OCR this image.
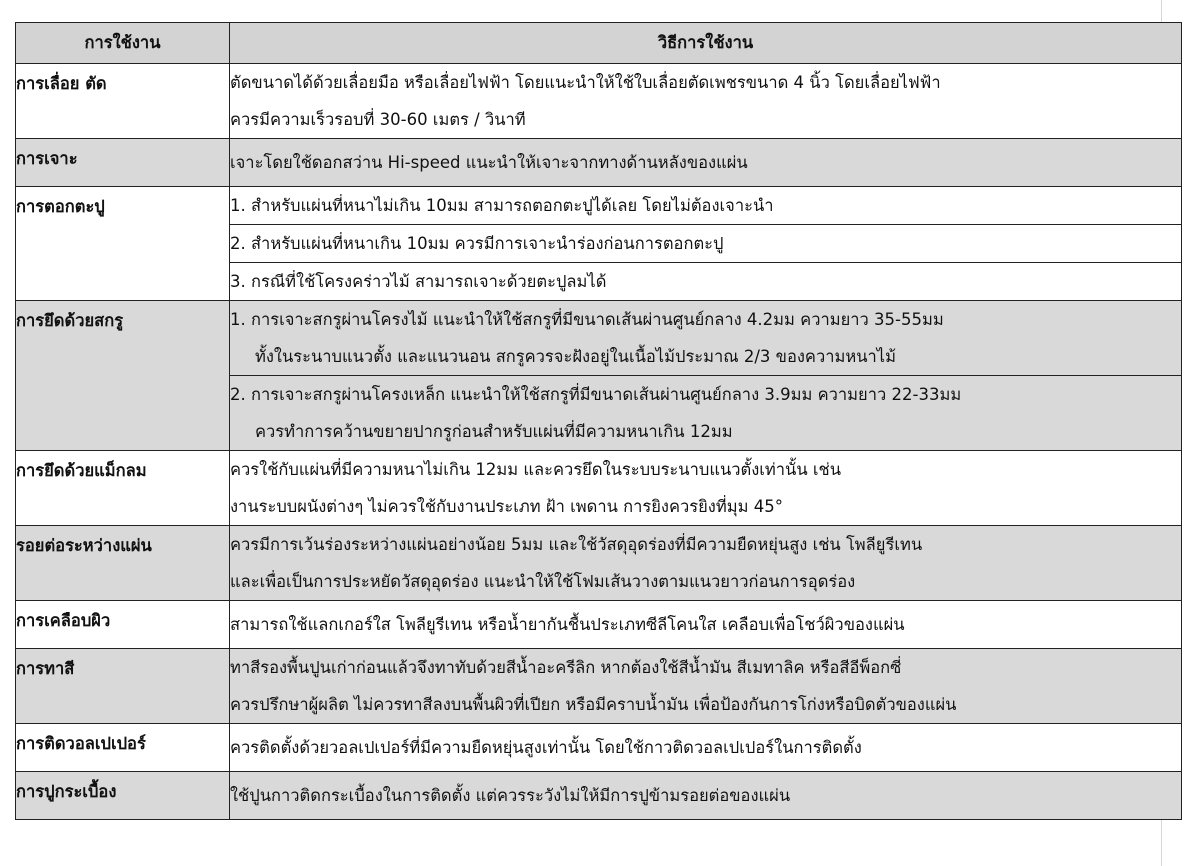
การใช้งาน	วิธีการใช้งาน
การเลื่อย ตัด	ตัดขนาดได้ด้วยเลื่อยมือ หรือเลื่อยไฟฟ้า โดยแนะนำให้ใช้ใบเลื่อยตัดเพชรขนาด 4 นิ้ว โดยเลื่อยไฟฟ้า
ควรมีความเร็วรอบที่ 30-60 เมตร / วินาที

การเจาะ	เจาะโดยใช้ดอกสว่าน Hi-speed แนะนำให้เจาะจากทางด้านหลังของแผ่น

การตอกตะปู	1. สำหรับแผ่นที่หนาไม่เกิน 10มม สามารถตอกตะปูได้เลย โดยไม่ต้องเจาะนำ
	2. สำหรับแผ่นที่หนาเกิน 10มม ควรมีการเจาะนำร่องก่อนการตอกตะปู
	3. กรณีที่ใช้โครงคร่าวไม้ สามารถเจาะด้วยตะปูลมได้
การยึดด้วยสกรู	1. การเจาะสกรูผ่านโครงไม้ แนะนำให้ใช้สกรูที่มีขนาดเส้นผ่านศูนย์กลาง 4.2มม ความยาว 35-55มม
ทั้งในระนาบแนวตั้ง และแนวนอน สกรูควรจะฝังอยู่ในเนื้อไม้ประมาณ 2/3 ของความหนาไม้

	2. การเจาะสกรูผ่านโครงเหล็ก แนะนำให้ใช้สกรูที่มีขนาดเส้นผ่านศูนย์กลาง 3.9มม ความยาว 22-33มม
ควรทำการคว้านขยายปากรูก่อนสำหรับแผ่นที่มีความหนาเกิน 12มม

การยึดด้วยแม็กลม	ควรใช้กับแผ่นที่มีความหนาไม่เกิน 12มม และควรยึดในระบบระนาบแนวตั้งเท่านั้น เช่น
งานระบบผนังต่างๆ ไม่ควรใช้กับงานประเภท ฝ้า เพดาน การยิงควรยิงที่มุม 45°

รอยต่อระหว่างแผ่น	ควรมีการเว้นร่องระหว่างแผ่นอย่างน้อย 5มม และใช้วัสดุอุดร่องที่มีความยืดหยุ่นสูง เช่น โพลียูรีเทน
และเพื่อเป็นการประหยัดวัสดุอุดร่อง แนะนำให้ใช้โฟมเส้นวางตามแนวยาวก่อนการอุดร่อง

การเคลือบผิว	สามารถใช้แลกเกอร์ใส โพลียูรีเทน หรือน้ำยากันชื้นประเภทซีลีโคนใส เคลือบเพื่อโชว์ผิวของแผ่น

การทาสี	ทาสีรองพื้นปูนเก่าก่อนแล้วจึงทาทับด้วยสีน้ำอะครีลิก หากต้องใช้สีน้ำมัน สีเมทาลิค หรือสีอีพ็อกซี่
ควรปรึกษาผู้ผลิต ไม่ควรทาสีลงบนพื้นผิวที่เปียก หรือมีคราบน้ำมัน เพื่อป้องกันการโก่งหรือบิดตัวของแผ่น

การติดวอลเปเปอร์	ควรติดตั้งด้วยวอลเปเปอร์ที่มีความยืดหยุ่นสูงเท่านั้น โดยใช้กาวติดวอลเปเปอร์ในการติดตั้ง

การปูกระเบื้อง	ใช้ปูนกาวติดกระเบื้องในการติดตั้ง แต่ควรระวังไม่ให้มีการปูข้ามรอยต่อของแผ่น
